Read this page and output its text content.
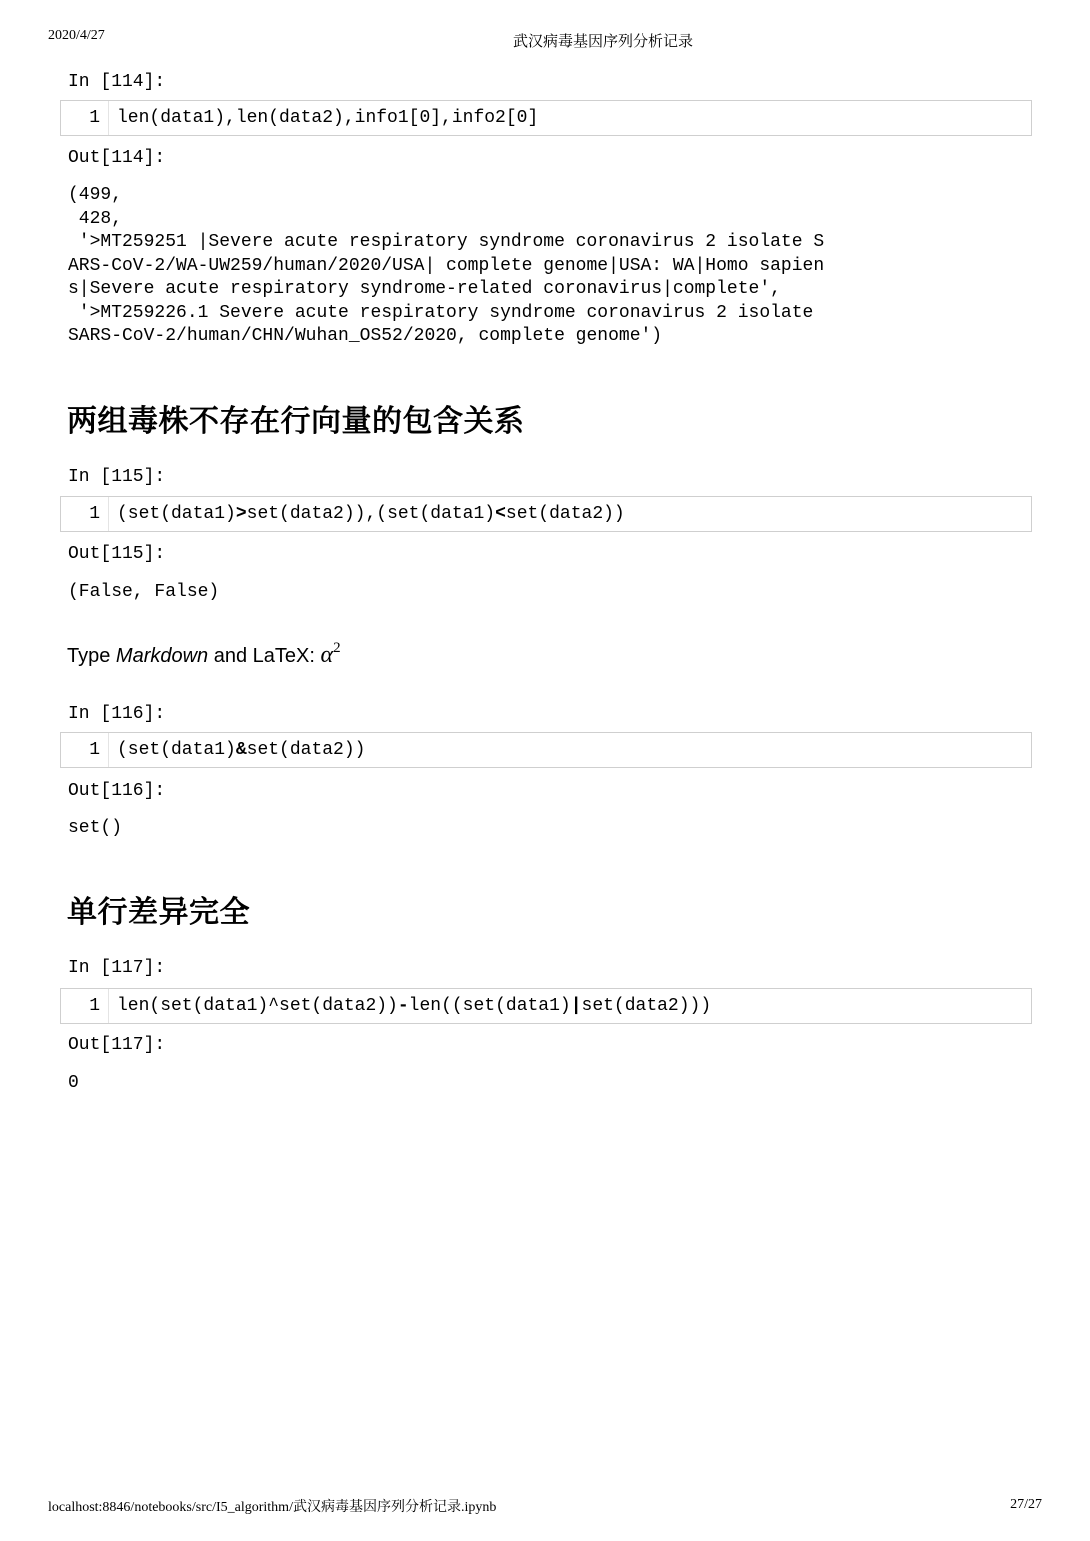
2020/4/27	武汉病毒基因序列分析记录
localhost:8846/notebooks/src/I5_algorithm/武汉病毒基因序列分析记录.ipynb	27/27
In [114]:
1 len(data1),len(data2),info1[0],info2[0]
Out[114]:
(499,
428,
'>MT259251 |Severe acute respiratory syndrome coronavirus 2 isolate S
ARS-CoV-2/WA-UW259/human/2020/USA| complete genome|USA: WA|Homo sapien
s|Severe acute respiratory syndrome-related coronavirus|complete',
'>MT259226.1 Severe acute respiratory syndrome coronavirus 2 isolate
SARS-CoV-2/human/CHN/Wuhan_OS52/2020, complete genome')
两组毒株不存在行向量的包含关系
In [115]:
1 (set(data1)>set(data2)),(set(data1)<set(data2))
Out[115]:
(False, False)
Type Markdown and LaTeX: $\alpha^2$
In [116]:
1 (set(data1)&set(data2))
Out[116]:
set()
单行差异完全
In [117]:
1 len(set(data1)^set(data2))-len((set(data1)|set(data2)))
Out[117]:
0
